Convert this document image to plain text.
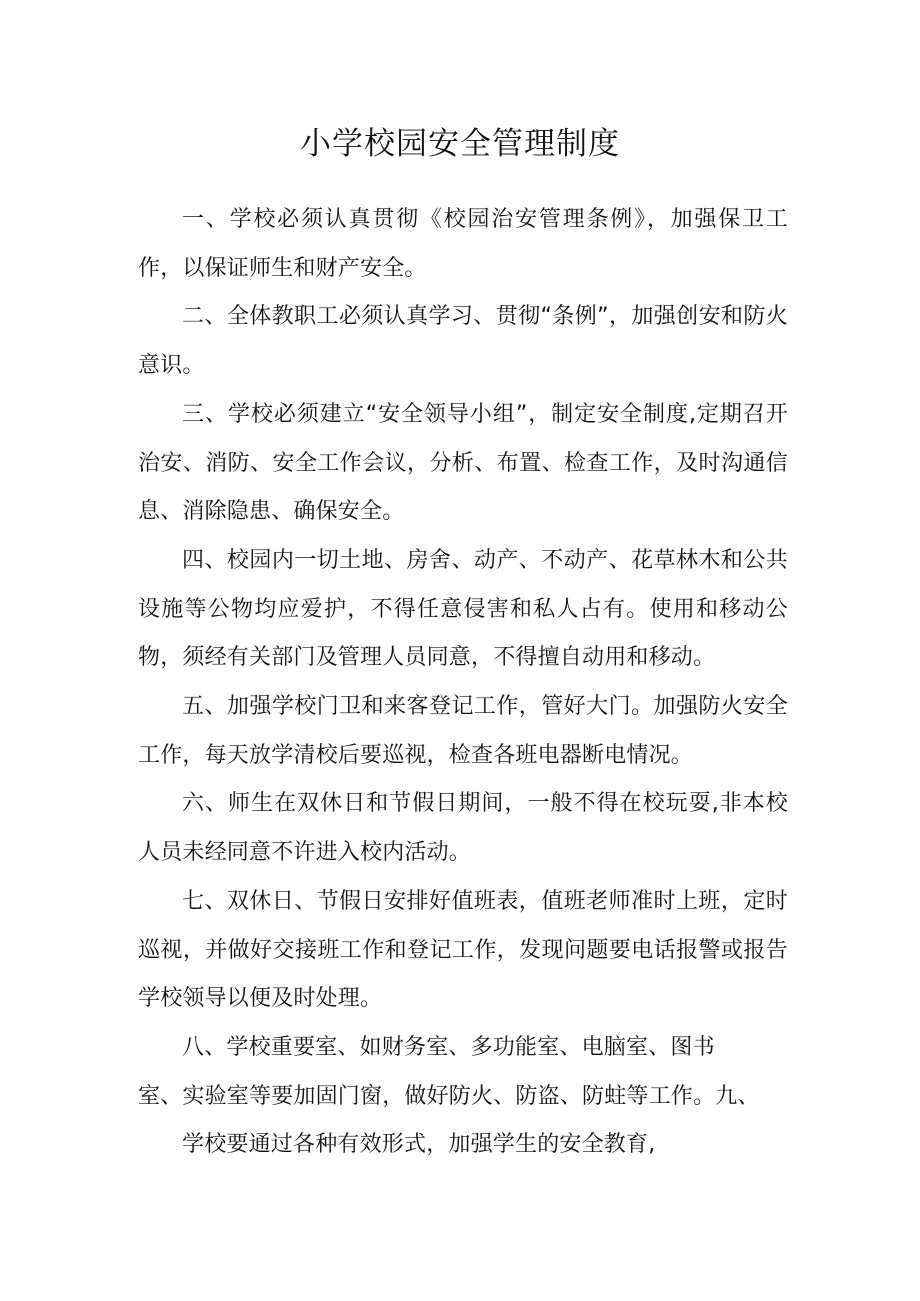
小学校园安全管理制度

一、学校必须认真贯彻《校园治安管理条例》，加强保卫工作，以保证师生和财产安全。

二、全体教职工必须认真学习、贯彻“条例”，加强创安和防火意识。

三、学校必须建立“安全领导小组”，制定安全制度,定期召开治安、消防、安全工作会议，分析、布置、检查工作，及时沟通信息、消除隐患、确保安全。

四、校园内一切土地、房舍、动产、不动产、花草林木和公共设施等公物均应爱护，不得任意侵害和私人占有。使用和移动公物，须经有关部门及管理人员同意，不得擅自动用和移动。

五、加强学校门卫和来客登记工作，管好大门。加强防火安全工作，每天放学清校后要巡视，检查各班电器断电情况。

六、师生在双休日和节假日期间，一般不得在校玩耍,非本校人员未经同意不许进入校内活动。

七、双休日、节假日安排好值班表，值班老师准时上班，定时巡视，并做好交接班工作和登记工作，发现问题要电话报警或报告学校领导以便及时处理。

八、学校重要室、如财务室、多功能室、电脑室、图书

室、实验室等要加固门窗，做好防火、防盗、防蛀等工作。九、

学校要通过各种有效形式，加强学生的安全教育,
